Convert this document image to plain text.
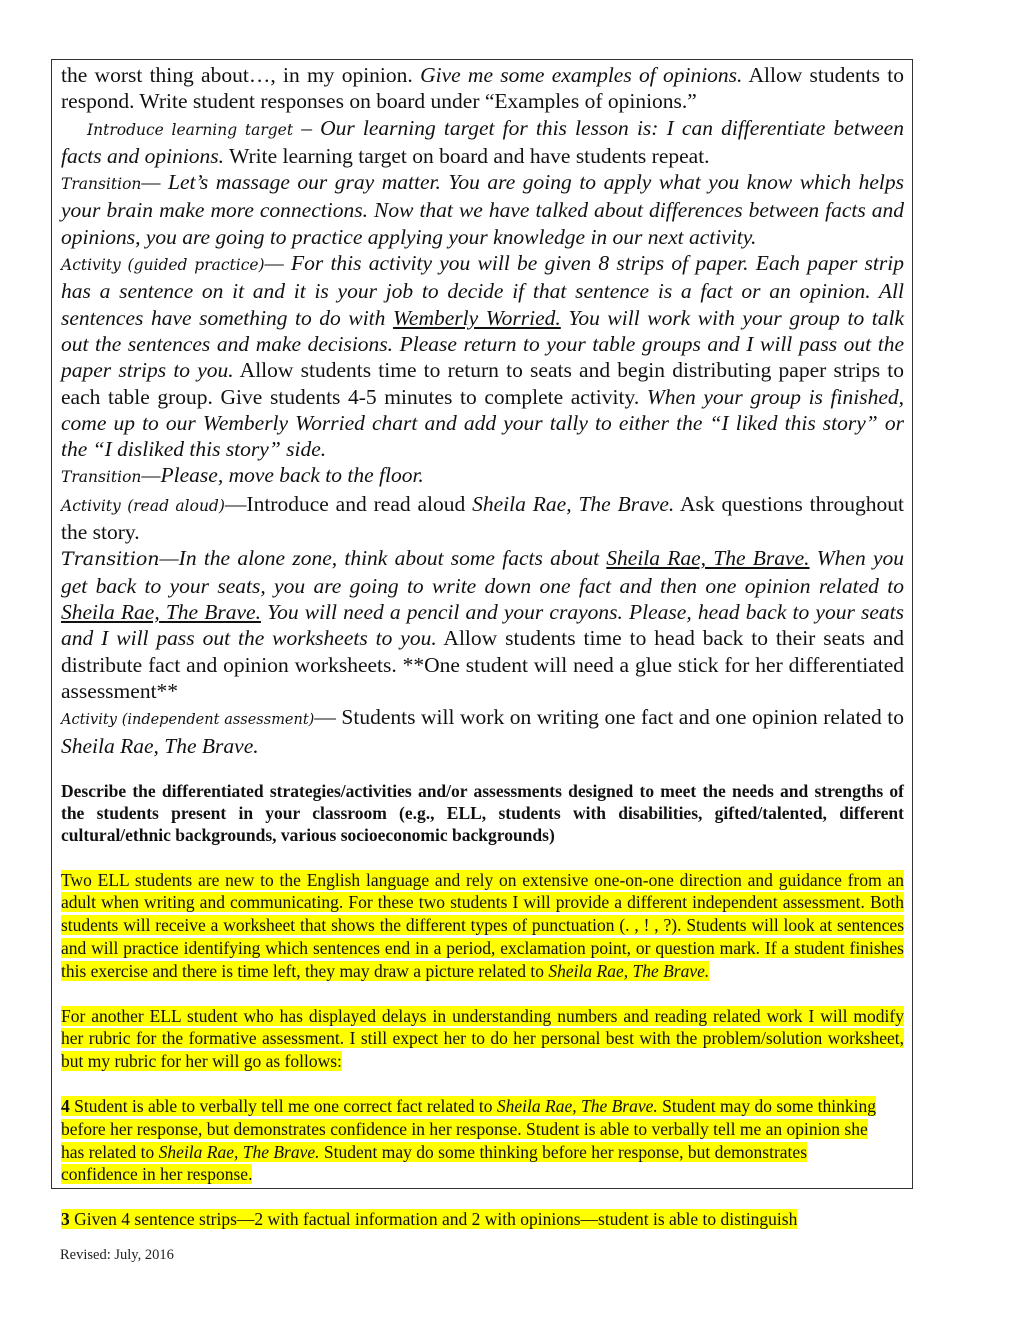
the worst thing about…, in my opinion. Give me some examples of opinions. Allow students to respond. Write student responses on board under “Examples of opinions.”

Introduce learning target – Our learning target for this lesson is: I can differentiate between facts and opinions. Write learning target on board and have students repeat.

Transition— Let’s massage our gray matter. You are going to apply what you know which helps your brain make more connections. Now that we have talked about differences between facts and opinions, you are going to practice applying your knowledge in our next activity.

Activity (guided practice)— For this activity you will be given 8 strips of paper. Each paper strip has a sentence on it and it is your job to decide if that sentence is a fact or an opinion. All sentences have something to do with Wemberly Worried. You will work with your group to talk out the sentences and make decisions. Please return to your table groups and I will pass out the paper strips to you. Allow students time to return to seats and begin distributing paper strips to each table group. Give students 4-5 minutes to complete activity. When your group is finished, come up to our Wemberly Worried chart and add your tally to either the “I liked this story” or the “I disliked this story” side.

Transition—Please, move back to the floor.

Activity (read aloud)—Introduce and read aloud Sheila Rae, The Brave. Ask questions throughout the story.

Transition—In the alone zone, think about some facts about Sheila Rae, The Brave. When you get back to your seats, you are going to write down one fact and then one opinion related to Sheila Rae, The Brave. You will need a pencil and your crayons. Please, head back to your seats and I will pass out the worksheets to you. Allow students time to head back to their seats and distribute fact and opinion worksheets. **One student will need a glue stick for her differentiated assessment**

Activity (independent assessment)— Students will work on writing one fact and one opinion related to Sheila Rae, The Brave.

Describe the differentiated strategies/activities and/or assessments designed to meet the needs and strengths of the students present in your classroom (e.g., ELL, students with disabilities, gifted/talented, different cultural/ethnic backgrounds, various socioeconomic backgrounds)

Two ELL students are new to the English language and rely on extensive one-on-one direction and guidance from an adult when writing and communicating. For these two students I will provide a different independent assessment. Both students will receive a worksheet that shows the different types of punctuation (. , ! , ?). Students will look at sentences and will practice identifying which sentences end in a period, exclamation point, or question mark. If a student finishes this exercise and there is time left, they may draw a picture related to Sheila Rae, The Brave.

For another ELL student who has displayed delays in understanding numbers and reading related work I will modify her rubric for the formative assessment. I still expect her to do her personal best with the problem/solution worksheet, but my rubric for her will go as follows:

4 Student is able to verbally tell me one correct fact related to Sheila Rae, The Brave. Student may do some thinking before her response, but demonstrates confidence in her response. Student is able to verbally tell me an opinion she has related to Sheila Rae, The Brave. Student may do some thinking before her response, but demonstrates confidence in her response.

3 Given 4 sentence strips—2 with factual information and 2 with opinions—student is able to distinguish

Revised: July, 2016
